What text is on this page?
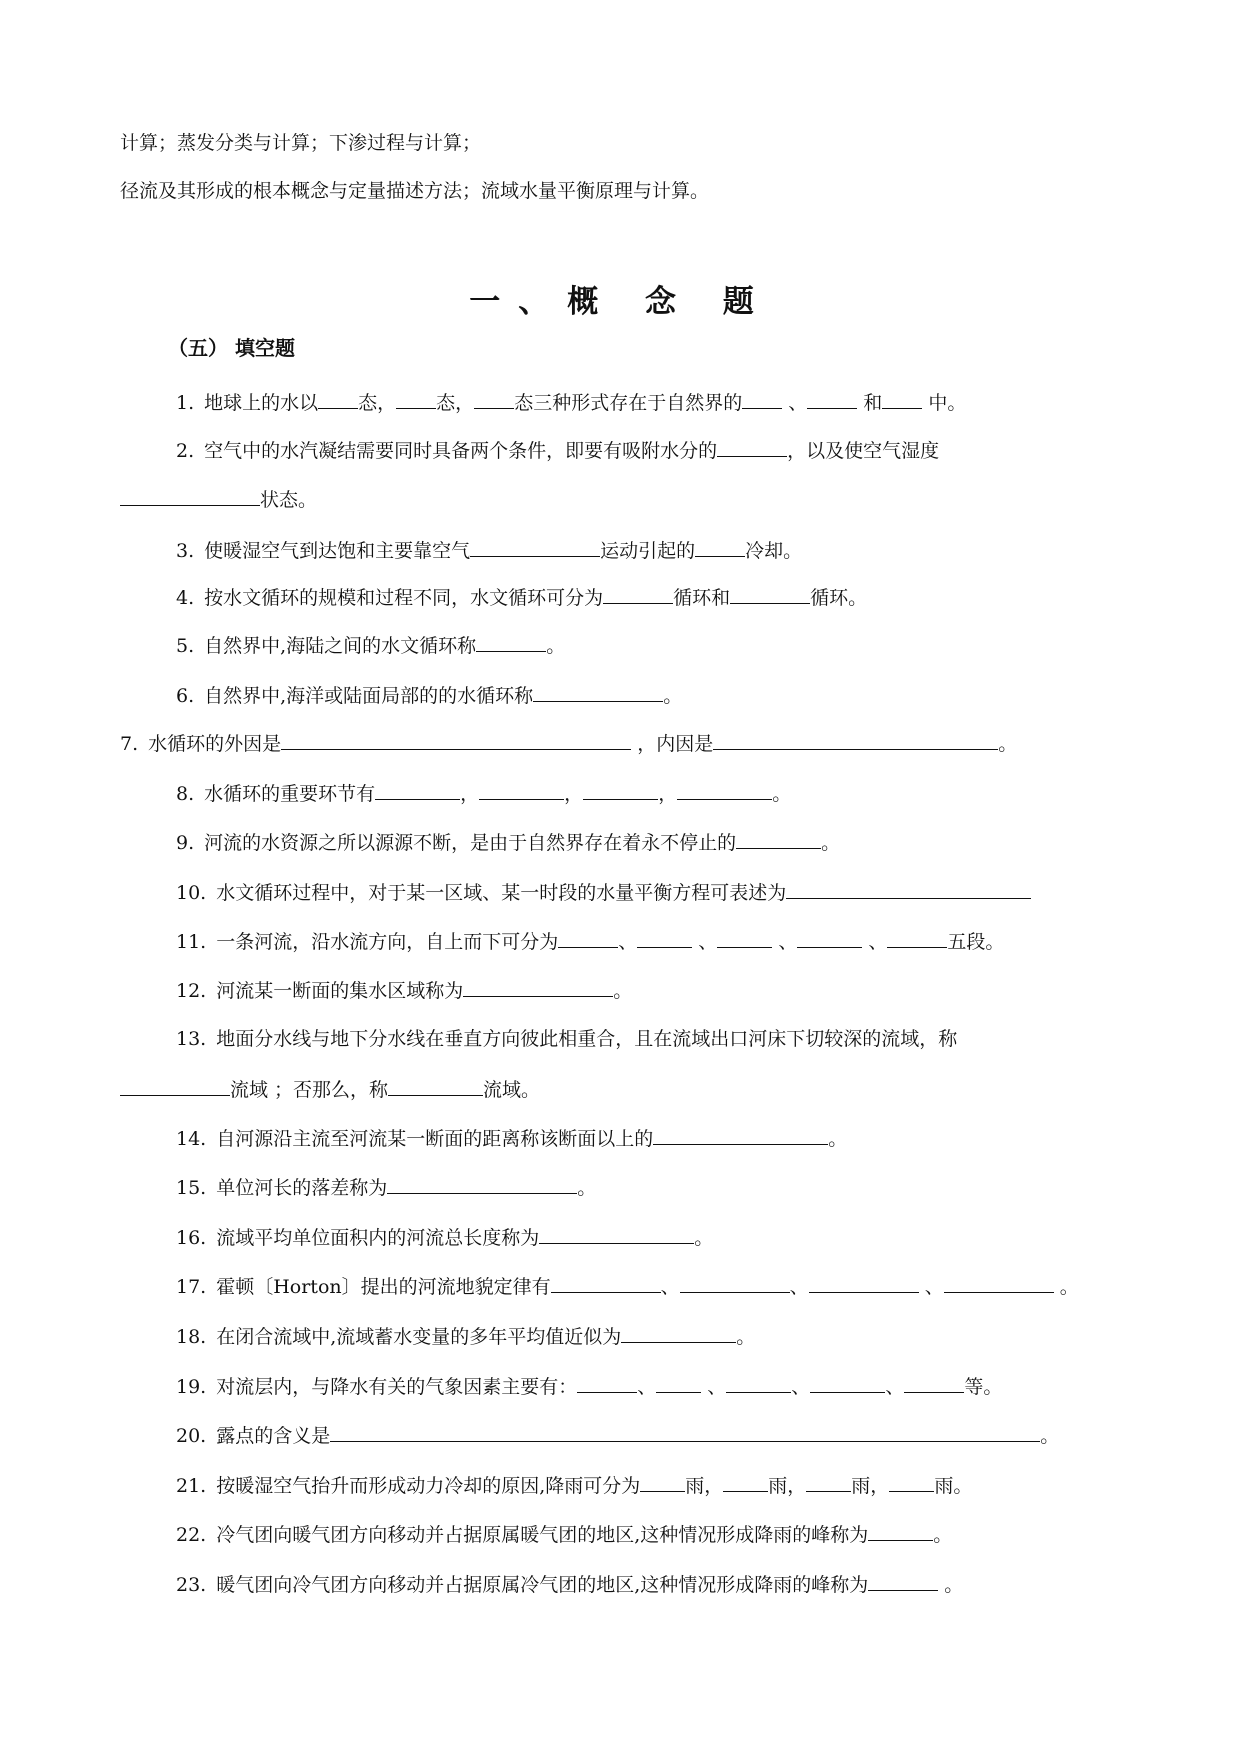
计算；蒸发分类与计算；下渗过程与计算；
径流及其形成的根本概念与定量描述方法；流域水量平衡原理与计算。
一、概 念 题
（五） 填空题
1. 地球上的水以 态， 态， 态三种形式存在于自然界的 、	和 中。
2. 空气中的水汽凝结需要同时具备两个条件，即要有吸附水分的	，以及使空气湿度
状态。
3. 使暖湿空气到达饱和主要靠空气	运动引起的	冷却。
4. 按水文循环的规模和过程不同，水文循环可分为	循环和	循环。
5. 自然界中,海陆之间的水文循环称	。
6. 自然界中,海洋或陆面局部的的水循环称	。
7. 水循环的外因是	，内因是	。
8. 水循环的重要环节有	，	，	，	。
9. 河流的水资源之所以源源不断，是由于自然界存在着永不停止的	。
10. 水文循环过程中，对于某一区域、某一时段的水量平衡方程可表述为
11. 一条河流，沿水流方向，自上而下可分为	、	、	、	、	五段。
12. 河流某一断面的集水区域称为	。
13. 地面分水线与地下分水线在垂直方向彼此相重合，且在流域出口河床下切较深的流域，称
流域 ；否那么，称	流域。
14. 自河源沿主流至河流某一断面的距离称该断面以上的	。
15. 单位河长的落差称为	。
16. 流域平均单位面积内的河流总长度称为	。
17. 霍顿〔Horton〕提出的河流地貌定律有	、	、	、	。
18. 在闭合流域中,流域蓄水变量的多年平均值近似为	。
19. 对流层内，与降水有关的气象因素主要有：	、 、	、	、	等。
20. 露点的含义是	。
21. 按暖湿空气抬升而形成动力冷却的原因,降雨可分为 雨， 雨， 雨， 雨。
22. 冷气团向暖气团方向移动并占据原属暖气团的地区,这种情况形成降雨的峰称为	。
23. 暖气团向冷气团方向移动并占据原属冷气团的地区,这种情况形成降雨的峰称为	。
